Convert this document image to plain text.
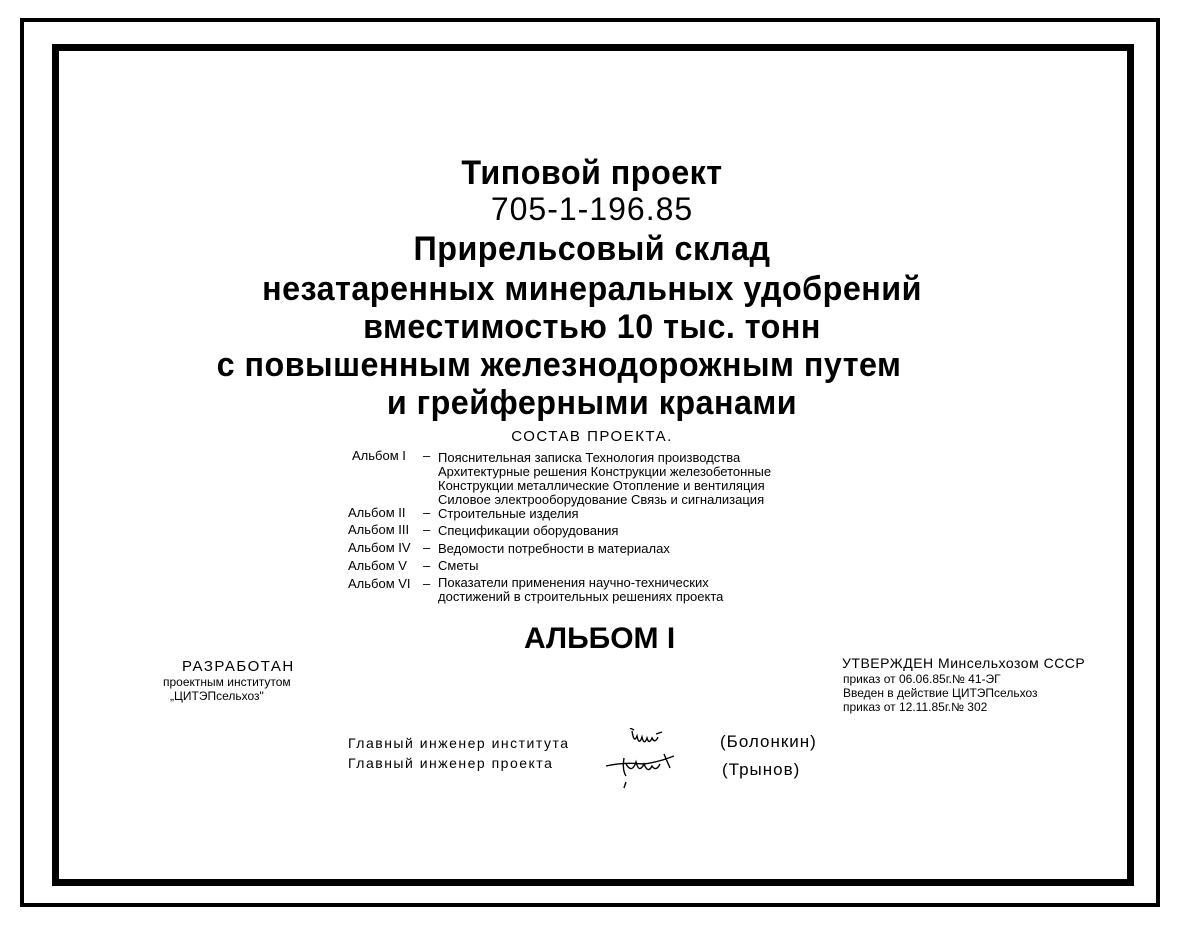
Типовой проект
705-1-196.85
Прирельсовый склад
незатаренных минеральных удобрений
вместимостью 10 тыс. тонн
с повышенным железнодорожным путем
и грейферными кранами
СОСТАВ ПРОЕКТА.
Альбом I – Пояснительная записка Технология производства
Архитектурные решения Конструкции железобетонные
Конструкции металлические Отопление и вентиляция
Силовое электрооборудование Связь и сигнализация
Альбом II – Строительные изделия
Альбом III – Спецификации оборудования
Альбом IV – Ведомости потребности в материалах
Альбом V – Сметы
Альбом VI – Показатели применения научно-технических
достижений в строительных решениях проекта
АЛЬБОМ I
РАЗРАБОТАН
проектным институтом
„ЦИТЭПсельхоз"
УТВЕРЖДЕН Минсельхозом СССР
приказ от 06.06.85г.№ 41-ЭГ
Введен в действие ЦИТЭПсельхоз
приказ от 12.11.85г.№ 302
Главный инженер института
Главный инженер проекта
(Болонкин)
(Трынов)
